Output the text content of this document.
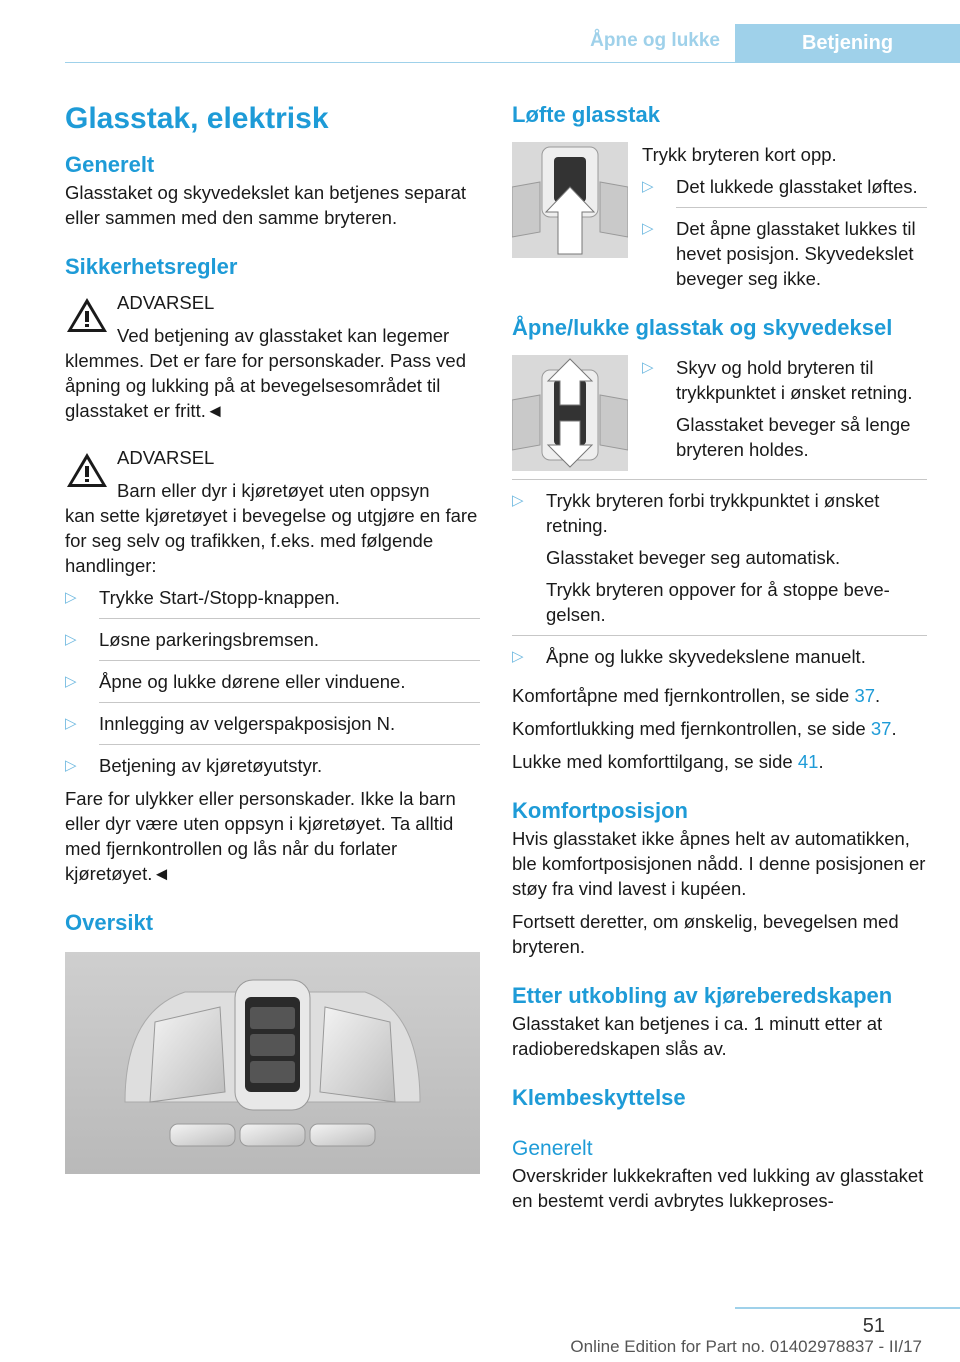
Åpne og lukke	Betjening
Glasstak, elektrisk
Generelt

Glasstaket og skyvedekslet kan betjenes separat eller sammen med den samme bryteren.

Sikkerhetsregler

ADVARSEL

Ved betjening av glasstaket kan legemer

klemmes. Det er fare for personskader. Pass ved åpning og lukking på at bevegelsesområdet til glasstaket er fritt.◄

ADVARSEL

Barn eller dyr i kjøretøyet uten oppsyn

kan sette kjøretøyet i bevegelse og utgjøre en fare for seg selv og trafikken, f.eks. med følgende handlinger:

▷ Trykke Start-/Stopp-knappen.
▷ Løsne parkeringsbremsen.
▷ Åpne og lukke dørene eller vinduene.
▷ Innlegging av velgerspakposisjon N.
▷ Betjening av kjøretøyutstyr.

Fare for ulykker eller personskader. Ikke la barn eller dyr være uten oppsyn i kjøretøyet. Ta alltid med fjernkontrollen og lås når du forlater kjøretøyet.◄

Oversikt
Løfte glasstak

Trykk bryteren kort opp.

▷ Det lukkede glasstaket løftes.
▷ Det åpne glasstaket lukkes til hevet posisjon. Skyvedekslet beveger seg ikke.
Åpne/lukke glasstak og skyvedeksel
▷ Skyv og hold bryteren til trykkpunktet i ønsket retning.

Glasstaket beveger så lenge bryteren holdes.

▷ Trykk bryteren forbi trykkpunktet i ønsket retning.

Glasstaket beveger seg automatisk.

Trykk bryteren oppover for å stoppe bevegelsen.

▷ Åpne og lukke skyvedekslene manuelt.

Komfortåpne med fjernkontrollen, se side 37.

Komfortlukking med fjernkontrollen, se side 37.

Lukke med komforttilgang, se side 41.

Komfortposisjon

Hvis glasstaket ikke åpnes helt av automatikken, ble komfortposisjonen nådd. I denne posisjonen er støy fra vind lavest i kupéen.

Fortsett deretter, om ønskelig, bevegelsen med bryteren.

Etter utkobling av kjøreberedskapen

Glasstaket kan betjenes i ca. 1 minutt etter at radioberedskapen slås av.

Klembeskyttelse
Generelt

Overskrider lukkekraften ved lukking av glasstaket en bestemt verdi avbrytes lukkeproses-

51
Online Edition for Part no. 01402978837 - II/17
